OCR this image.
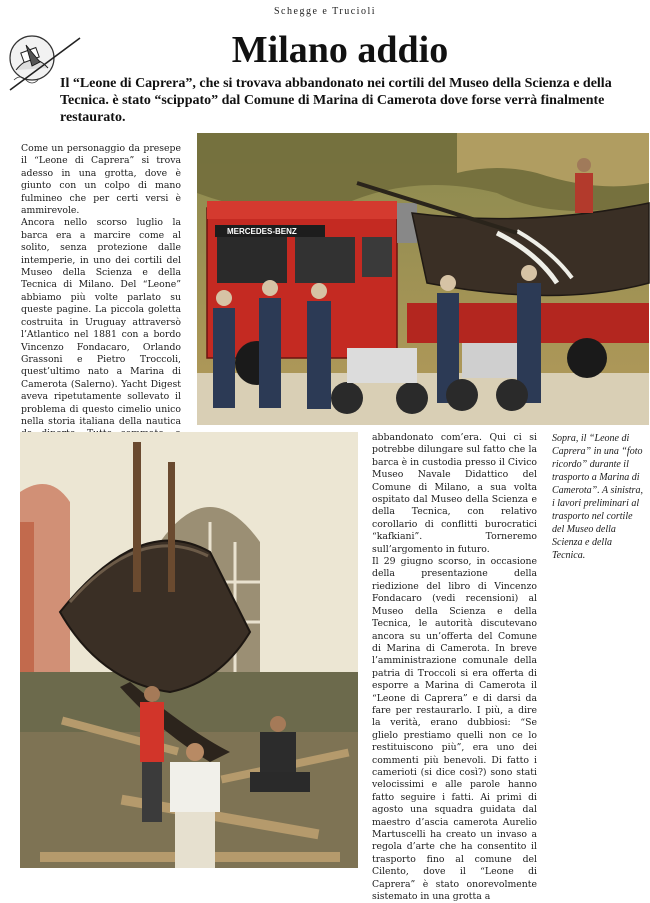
Schegge e Trucioli
Milano addio
Il “Leone di Caprera”, che si trovava abbandonato nei cortili del Museo della Scienza e della Tecnica. è stato “scippato” dal Comune di Marina di Camerota dove forse verrà finalmente restaurato.

Come un personaggio da presepe il “Leone di Caprera” si trova adesso in una grotta, dove è giunto con un colpo di mano fulmineo che per certi versi è ammirevole.

Ancora nello scorso luglio la barca era a marcire come al solito, senza protezione dalle intemperie, in uno dei cortili del Museo della Scienza e della Tecnica di Milano. Del “Leone” abbiamo più volte parlato su queste pagine. La piccola goletta costruita in Uruguay attraversò l’Atlantico nel 1881 con a bordo Vincenzo Fondacaro, Orlando Grassoni e Pietro Troccoli, quest’ultimo nato a Marina di Camerota (Salerno). Yacht Digest aveva ripetutamente sollevato il problema di questo cimelio unico nella storia italiana della nautica

MERCEDES-BENZ

abbandonato com’era. Qui ci si potrebbe dilungare sul fatto che la barca è in custodia presso il Civico Museo Navale Didattico del Comune di Milano, a sua volta ospitato dal Museo della Scienza e della Tecnica, con relativo corollario di conflitti burocratici “kafkiani”. Torneremo sull’argomento in futuro.

Il 29 giugno scorso, in occasione della presentazione della riedizione del libro di Vincenzo Fondacaro (vedi recensioni) al Museo della Scienza e della Tecnica, le autorità discutevano ancora su un’offerta del Comune di Marina di Camerota. In breve l’amministrazione comunale della patria di Troccoli si era offerta di esporre a Marina di Camerota il “Leone di Caprera” e di darsi da fare per restaurarlo. I più, a dire la verità, erano dubbiosi: “Se glielo prestiamo quelli non ce lo restituiscono più”, era uno dei commenti più benevoli. Di fatto i camerioti (si dice così?) sono stati velocissimi e alle parole hanno fatto seguire i fatti. Ai primi di agosto una squadra guidata dal maestro d’ascia camerota Aurelio Martuscelli ha creato un invaso a regola d’arte che ha consentito il trasporto fino al comune del Cilento, dove il “Leone di Caprera” è stato onorevolmente sistemato in una grotta a

Sopra, il “Leone di Caprera” in una “foto ricordo” durante il trasporto a Marina di Camerota”. A sinistra, i lavori preliminari al trasporto nel cortile del Museo della Scienza e della Tecnica.
